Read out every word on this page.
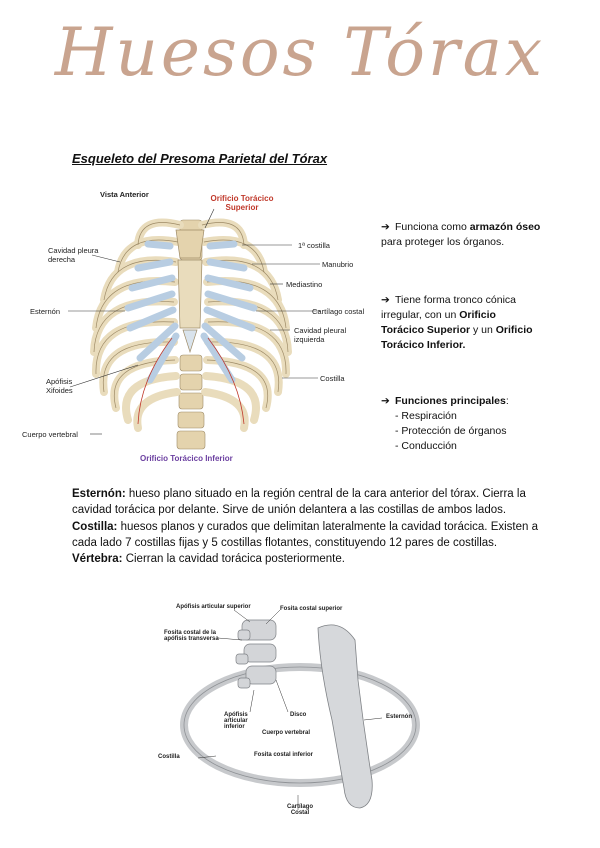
Huesos Tórax
Esqueleto del Presoma Parietal del Tórax
Vista Anterior	Orificio Torácico Superior
Cavidad pleura derecha
Esternón
Apófisis Xifoides
Cuerpo vertebral
1ª costilla
Manubrio
Mediastino
Cartílago costal
Cavidad pleural izquierda
Costilla
Orificio Torácico Inferior
➔ Funciona como armazón óseo para proteger los órganos.
➔ Tiene forma tronco cónica irregular, con un Orificio Torácico Superior y un Orificio Torácico Inferior.
➔ Funciones principales:
- Respiración
- Protección de órganos
- Conducción

Esternón: hueso plano situado en la región central de la cara anterior del tórax. Cierra la cavidad torácica por delante. Sirve de unión delantera a las costillas de ambos lados.

Costilla: huesos planos y curados que delimitan lateralmente la cavidad torácica. Existen a cada lado 7 costillas fijas y 5 costillas flotantes, constituyendo 12 pares de costillas.

Vértebra: Cierran la cavidad torácica posteriormente.

Apófisis articular superior	Fosita costal superior
Fosita costal de la apófisis transversa
Apófisis articular inferior
Disco
Cuerpo vertebral
Esternón
Fosita costal inferior
Costilla
Cartílago Costal
